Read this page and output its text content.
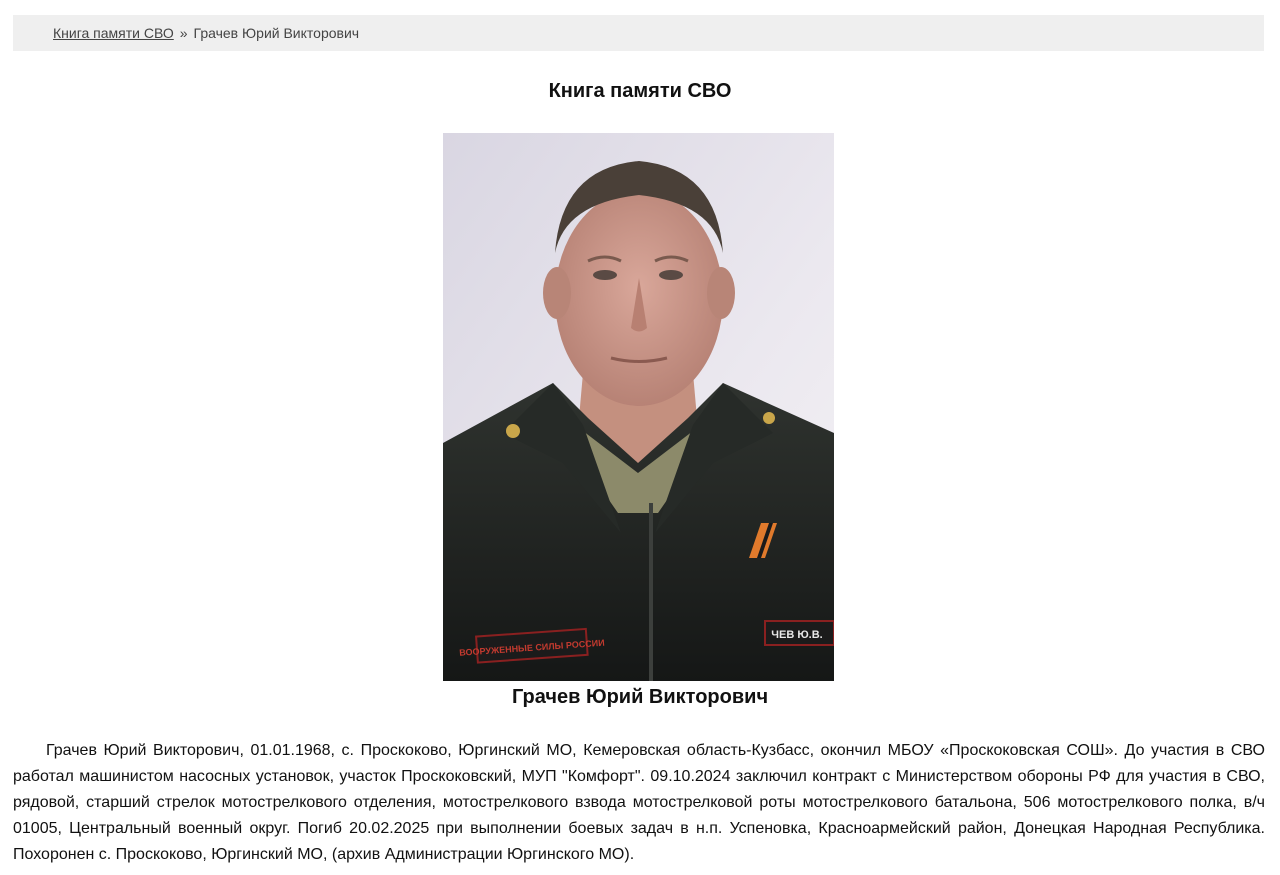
Книга памяти СВО » Грачев Юрий Викторович
Книга памяти СВО
ВООРУЖЕННЫЕ СИЛЫ РОССИИ
ЧЕВ Ю.В.
Грачев Юрий Викторович

Грачев Юрий Викторович, 01.01.1968, с. Проскоково, Юргинский МО, Кемеровская область-Кузбасс, окончил МБОУ «Проскоковская СОШ». До участия в СВО работал машинистом насосных установок, участок Проскоковский, МУП "Комфорт". 09.10.2024 заключил контракт с Министерством обороны РФ для участия в СВО, рядовой, старший стрелок мотострелкового отделения, мотострелкового взвода мотострелковой роты мотострелкового батальона, 506 мотострелкового полка, в/ч 01005, Центральный военный округ. Погиб 20.02.2025 при выполнении боевых задач в н.п. Успеновка, Красноармейский район, Донецкая Народная Республика. Похоронен с. Проскоково, Юргинский МО, (архив Администрации Юргинского МО).
